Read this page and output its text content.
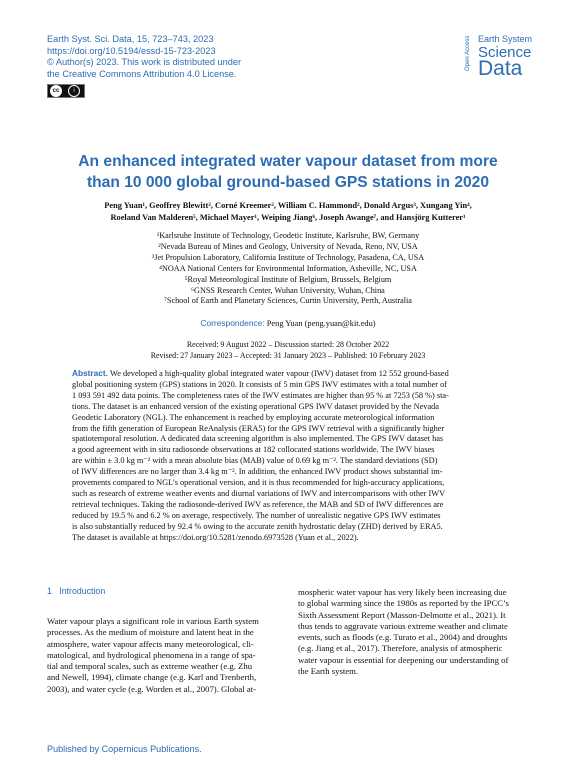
Earth Syst. Sci. Data, 15, 723–743, 2023
https://doi.org/10.5194/essd-15-723-2023
© Author(s) 2023. This work is distributed under
the Creative Commons Attribution 4.0 License.
cc	i
Open Access Earth System
Science
Data
An enhanced integrated water vapour dataset from more
than 10 000 global ground-based GPS stations in 2020
Peng Yuan¹, Geoffrey Blewitt², Corné Kreemer², William C. Hammond², Donald Argus³, Xungang Yin⁴,
Roeland Van Malderen⁵, Michael Mayer¹, Weiping Jiang⁶, Joseph Awange⁷, and Hansjörg Kutterer¹
¹Karlsruhe Institute of Technology, Geodetic Institute, Karlsruhe, BW, Germany
²Nevada Bureau of Mines and Geology, University of Nevada, Reno, NV, USA
³Jet Propulsion Laboratory, California Institute of Technology, Pasadena, CA, USA
⁴NOAA National Centers for Environmental Information, Asheville, NC, USA
⁵Royal Meteorological Institute of Belgium, Brussels, Belgium
⁶GNSS Research Center, Wuhan University, Wuhan, China
⁷School of Earth and Planetary Sciences, Curtin University, Perth, Australia
Correspondence: Peng Yuan (peng.yuan@kit.edu)
Received: 9 August 2022 – Discussion started: 28 October 2022
Revised: 27 January 2023 – Accepted: 31 January 2023 – Published: 10 February 2023
Abstract. We developed a high-quality global integrated water vapour (IWV) dataset from 12 552 ground-based
global positioning system (GPS) stations in 2020. It consists of 5 min GPS IWV estimates with a total number of
1 093 591 492 data points. The completeness rates of the IWV estimates are higher than 95 % at 7253 (58 %) sta-
tions. The dataset is an enhanced version of the existing operational GPS IWV dataset provided by the Nevada
Geodetic Laboratory (NGL). The enhancement is reached by employing accurate meteorological information
from the fifth generation of European ReAnalysis (ERA5) for the GPS IWV retrieval with a significantly higher
spatiotemporal resolution. A dedicated data screening algorithm is also implemented. The GPS IWV dataset has
a good agreement with in situ radiosonde observations at 182 collocated stations worldwide. The IWV biases
are within ± 3.0 kg m⁻² with a mean absolute bias (MAB) value of 0.69 kg m⁻². The standard deviations (SD)
of IWV differences are no larger than 3.4 kg m⁻². In addition, the enhanced IWV product shows substantial im-
provements compared to NGL’s operational version, and it is thus recommended for high-accuracy applications,
such as research of extreme weather events and diurnal variations of IWV and intercomparisons with other IWV
retrieval techniques. Taking the radiosonde-derived IWV as reference, the MAB and SD of IWV differences are
reduced by 19.5 % and 6.2 % on average, respectively. The number of unrealistic negative GPS IWV estimates
is also substantially reduced by 92.4 % owing to the accurate zenith hydrostatic delay (ZHD) derived by ERA5.
The dataset is available at https://doi.org/10.5281/zenodo.6973528 (Yuan et al., 2022).
1 Introduction
Water vapour plays a significant role in various Earth system
processes. As the medium of moisture and latent heat in the
atmosphere, water vapour affects many meteorological, cli-
matological, and hydrological phenomena in a range of spa-
tial and temporal scales, such as extreme weather (e.g. Zhu
and Newell, 1994), climate change (e.g. Karl and Trenberth,
2003), and water cycle (e.g. Worden et al., 2007). Global at-
mospheric water vapour has very likely been increasing due
to global warming since the 1980s as reported by the IPCC’s
Sixth Assessment Report (Masson-Delmotte et al., 2021). It
thus tends to aggravate various extreme weather and climate
events, such as floods (e.g. Turato et al., 2004) and droughts
(e.g. Jiang et al., 2017). Therefore, analysis of atmospheric
water vapour is essential for deepening our understanding of
the Earth system.
Published by Copernicus Publications.
